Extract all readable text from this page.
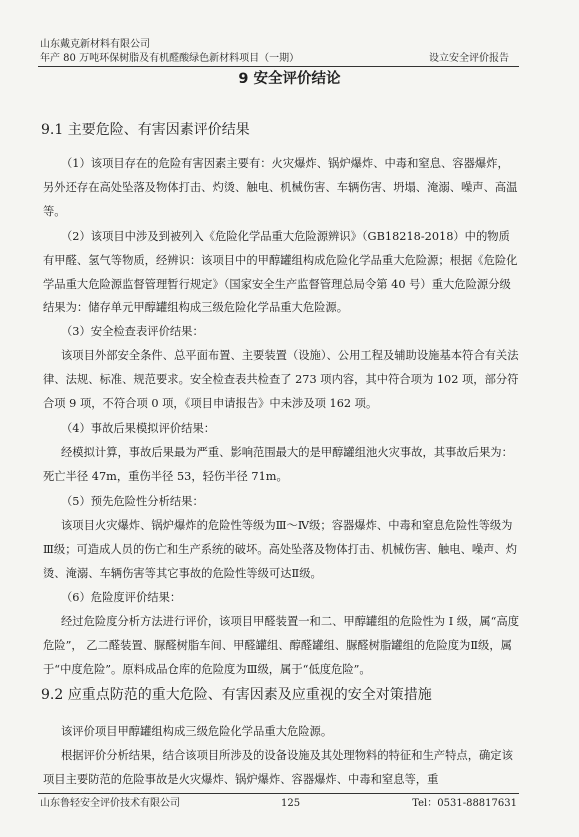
山东戴克新材料有限公司
年产 80 万吨环保树脂及有机醛酸绿色新材料项目（一期）	设立安全评价报告
9 安全评价结论
9.1 主要危险、有害因素评价结果
（1）该项目存在的危险有害因素主要有：火灾爆炸、锅炉爆炸、中毒和窒息、容器爆炸，另外还存在高处坠落及物体打击、灼烫、触电、机械伤害、车辆伤害、坍塌、淹溺、噪声、高温等。
（2）该项目中涉及到被列入《危险化学品重大危险源辨识》（GB18218-2018）中的物质有甲醛、氢气等物质，经辨识：该项目中的甲醇罐组构成危险化学品重大危险源；根据《危险化学品重大危险源监督管理暂行规定》（国家安全生产监督管理总局令第 40 号）重大危险源分级结果为：储存单元甲醇罐组构成三级危险化学品重大危险源。
（3）安全检查表评价结果：
该项目外部安全条件、总平面布置、主要装置（设施）、公用工程及辅助设施基本符合有关法律、法规、标准、规范要求。安全检查表共检查了 273 项内容，其中符合项为 102 项，部分符合项 9 项，不符合项 0 项，《项目申请报告》中未涉及项 162 项。
（4）事故后果模拟评价结果：
经模拟计算，事故后果最为严重、影响范围最大的是甲醇罐组池火灾事故，其事故后果为：死亡半径 47m，重伤半径 53，轻伤半径 71m。
（5）预先危险性分析结果：
该项目火灾爆炸、锅炉爆炸的危险性等级为Ⅲ～Ⅳ级；容器爆炸、中毒和窒息危险性等级为Ⅲ级；可造成人员的伤亡和生产系统的破坏。高处坠落及物体打击、机械伤害、触电、噪声、灼烫、淹溺、车辆伤害等其它事故的危险性等级可达Ⅱ级。
（6）危险度评价结果：
经过危险度分析方法进行评价，该项目甲醛装置一和二、甲醇罐组的危险性为 Ⅰ 级，属“高度危险”， 乙二醛装置、脲醛树脂车间、甲醛罐组、醇醛罐组、脲醛树脂罐组的危险度为Ⅱ级，属于“中度危险”。原料成品仓库的危险度为Ⅲ级，属于“低度危险”。
9.2 应重点防范的重大危险、有害因素及应重视的安全对策措施
该评价项目甲醇罐组构成三级危险化学品重大危险源。
根据评价分析结果，结合该项目所涉及的设备设施及其处理物料的特征和生产特点，确定该项目主要防范的危险事故是火灾爆炸、锅炉爆炸、容器爆炸、中毒和窒息等，重
山东鲁轻安全评价技术有限公司	125	Tel：0531-88817631
